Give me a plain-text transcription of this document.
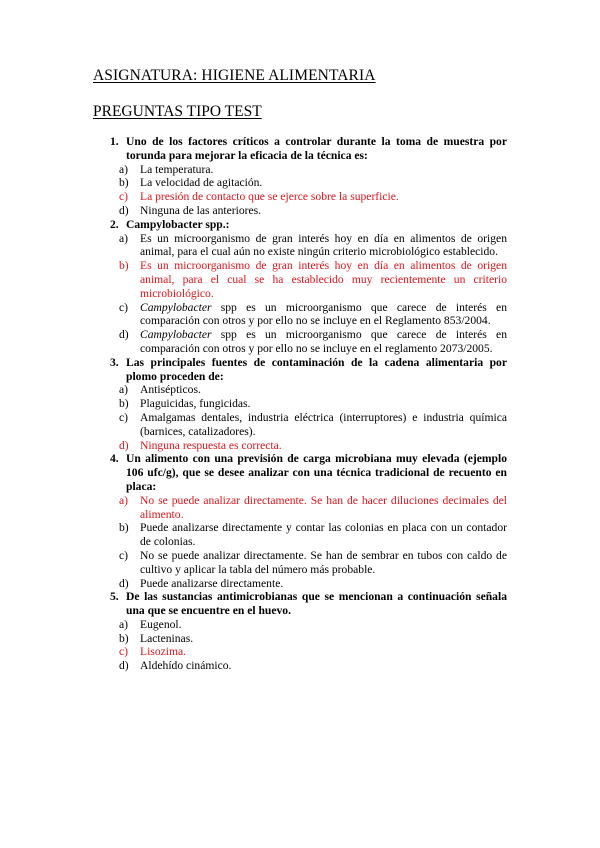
ASIGNATURA: HIGIENE ALIMENTARIA
PREGUNTAS TIPO TEST
1. Uno de los factores críticos a controlar durante la toma de muestra por torunda para mejorar la eficacia de la técnica es:
a) La temperatura.
b) La velocidad de agitación.
c) La presión de contacto que se ejerce sobre la superficie.
d) Ninguna de las anteriores.
2. Campylobacter spp.:
a) Es un microorganismo de gran interés hoy en día en alimentos de origen animal, para el cual aún no existe ningún criterio microbiológico establecido.
b) Es un microorganismo de gran interés hoy en día en alimentos de origen animal, para el cual se ha establecido muy recientemente un criterio microbiológico.
c) Campylobacter spp es un microorganismo que carece de interés en comparación con otros y por ello no se incluye en el Reglamento 853/2004.
d) Campylobacter spp es un microorganismo que carece de interés en comparación con otros y por ello no se incluye en el reglamento 2073/2005.
3. Las principales fuentes de contaminación de la cadena alimentaria por plomo proceden de:
a) Antisépticos.
b) Plaguicidas, fungicidas.
c) Amalgamas dentales, industria eléctrica (interruptores) e industria química (barnices, catalizadores).
d) Ninguna respuesta es correcta.
4. Un alimento con una previsión de carga microbiana muy elevada (ejemplo 106 ufc/g), que se desee analizar con una técnica tradicional de recuento en placa:
a) No se puede analizar directamente. Se han de hacer diluciones decimales del alimento.
b) Puede analizarse directamente y contar las colonias en placa con un contador de colonias.
c) No se puede analizar directamente. Se han de sembrar en tubos con caldo de cultivo y aplicar la tabla del número más probable.
d) Puede analizarse directamente.
5. De las sustancias antimicrobianas que se mencionan a continuación señala una que se encuentre en el huevo.
a) Eugenol.
b) Lacteninas.
c) Lisozima.
d) Aldehído cinámico.
